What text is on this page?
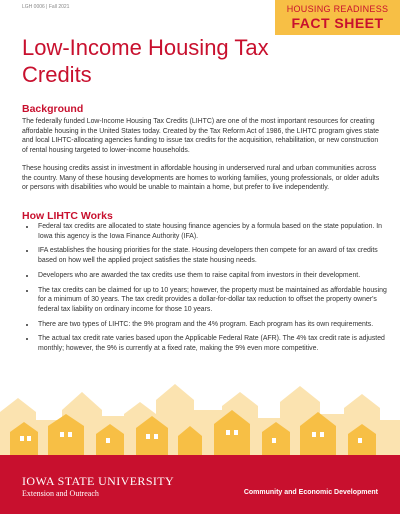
LGH 0006 | Fall 2021	HOUSING READINESS
FACT SHEET
Low-Income Housing Tax Credits
Background
The federally funded Low-Income Housing Tax Credits (LIHTC) are one of the most important resources for creating affordable housing in the United States today. Created by the Tax Reform Act of 1986, the LIHTC program gives state and local LIHTC-allocating agencies funding to issue tax credits for the acquisition, rehabilitation, or new construction of rental housing targeted to lower-income households.
These housing credits assist in investment in affordable housing in underserved rural and urban communities across the country. Many of these housing developments are homes to working families, young professionals, or older adults or persons with disabilities who would be unable to maintain a home, but prefer to live independently.
How LIHTC Works
• Federal tax credits are allocated to state housing finance agencies by a formula based on the state population. In Iowa this agency is the Iowa Finance Authority (IFA).
• IFA establishes the housing priorities for the state. Housing developers then compete for an award of tax credits based on how well the applied project satisfies the state housing needs.
• Developers who are awarded the tax credits use them to raise capital from investors in their development.
• The tax credits can be claimed for up to 10 years; however, the property must be maintained as affordable housing for a minimum of 30 years. The tax credit provides a dollar-for-dollar tax reduction to offset the property owner's federal tax liability on ordinary income for those 10 years.
• There are two types of LIHTC: the 9% program and the 4% program. Each program has its own requirements.
• The actual tax credit rate varies based upon the Applicable Federal Rate (AFR). The 4% tax credit rate is adjusted monthly; however, the 9% is currently at a fixed rate, making the 9% even more competitive.
IOWA STATE UNIVERSITY
Extension and Outreach	Community and Economic Development
